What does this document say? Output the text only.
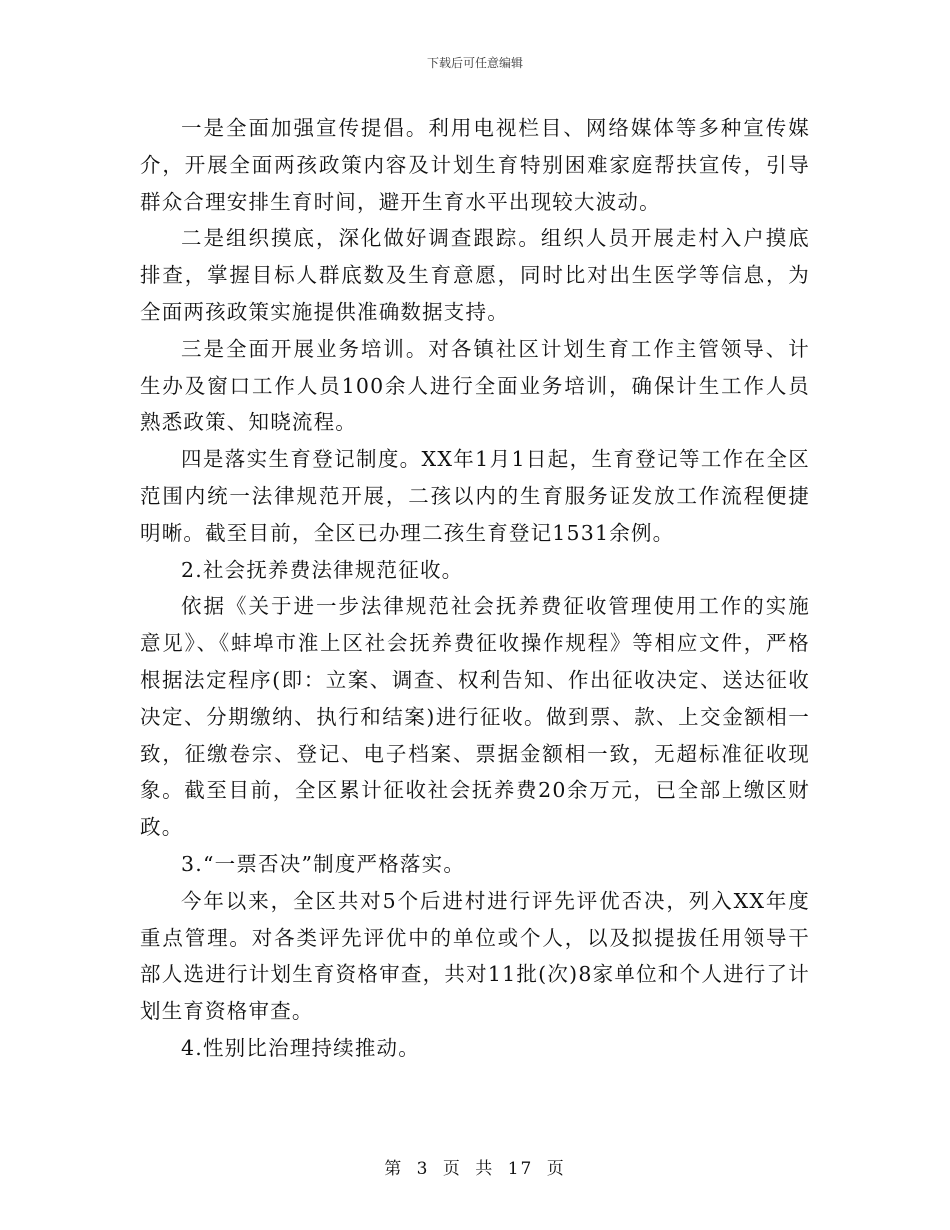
下载后可任意编辑

一是全面加强宣传提倡。利用电视栏目、网络媒体等多种宣传媒介，开展全面两孩政策内容及计划生育特别困难家庭帮扶宣传，引导群众合理安排生育时间，避开生育水平出现较大波动。

二是组织摸底，深化做好调查跟踪。组织人员开展走村入户摸底排查，掌握目标人群底数及生育意愿，同时比对出生医学等信息，为全面两孩政策实施提供准确数据支持。

三是全面开展业务培训。对各镇社区计划生育工作主管领导、计生办及窗口工作人员100余人进行全面业务培训，确保计生工作人员熟悉政策、知晓流程。

四是落实生育登记制度。XX年1月1日起，生育登记等工作在全区范围内统一法律规范开展，二孩以内的生育服务证发放工作流程便捷明晰。截至目前，全区已办理二孩生育登记1531余例。

2.社会抚养费法律规范征收。

依据《关于进一步法律规范社会抚养费征收管理使用工作的实施意见》、《蚌埠市淮上区社会抚养费征收操作规程》等相应文件，严格根据法定程序(即：立案、调查、权利告知、作出征收决定、送达征收决定、分期缴纳、执行和结案)进行征收。做到票、款、上交金额相一致，征缴卷宗、登记、电子档案、票据金额相一致，无超标准征收现象。截至目前，全区累计征收社会抚养费20余万元，已全部上缴区财政。

3.“一票否决”制度严格落实。

今年以来，全区共对5个后进村进行评先评优否决，列入XX年度重点管理。对各类评先评优中的单位或个人，以及拟提拔任用领导干部人选进行计划生育资格审查，共对11批(次)8家单位和个人进行了计划生育资格审查。

4.性别比治理持续推动。

第 3 页 共 17 页
